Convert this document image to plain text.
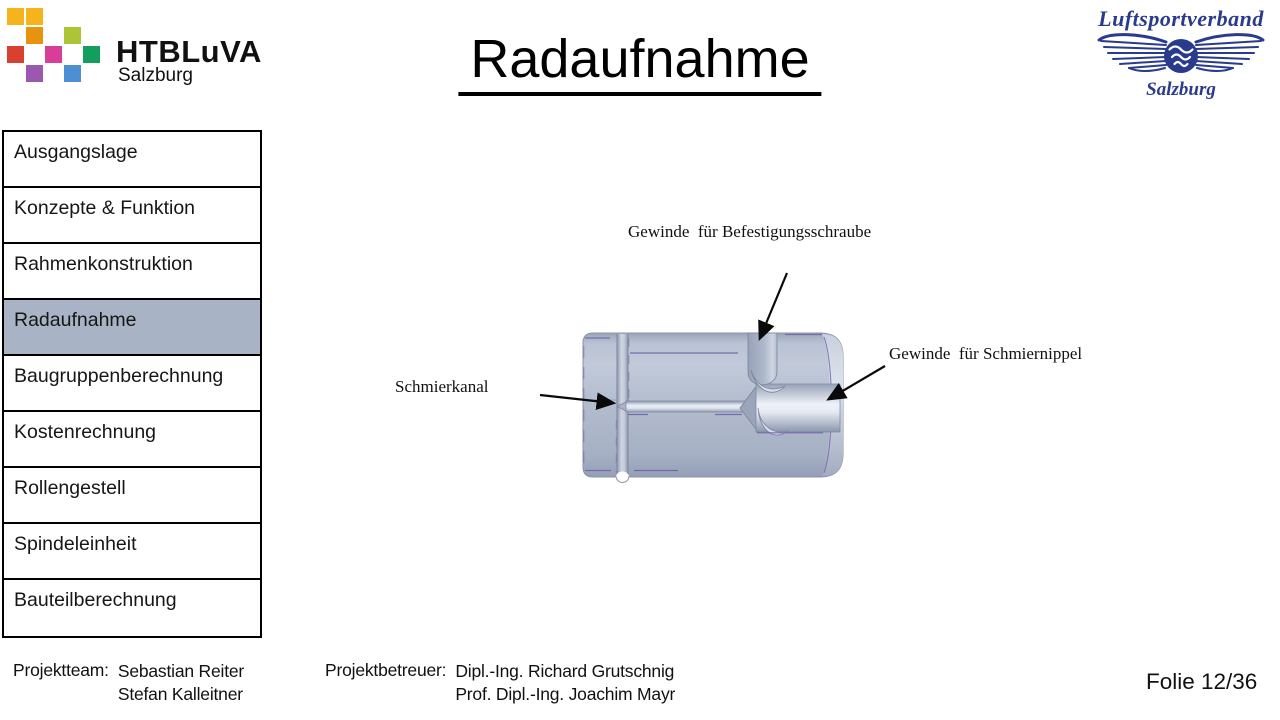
HTBLuVA
Salzburg	Radaufnahme
Luftsportverband
Salzburg
Ausgangslage
Konzepte & Funktion
Rahmenkonstruktion
Radaufnahme
Baugruppenberechnung
Kostenrechnung
Rollengestell
Spindeleinheit
Bauteilberechnung
Gewinde  für Befestigungsschraube
Gewinde  für Schmiernippel
Schmierkanal
Projektteam: Sebastian Reiter
Stefan Kalleitner
Projektbetreuer: Dipl.-Ing. Richard Grutschnig
Prof. Dipl.-Ing. Joachim Mayr	Folie 12/36
